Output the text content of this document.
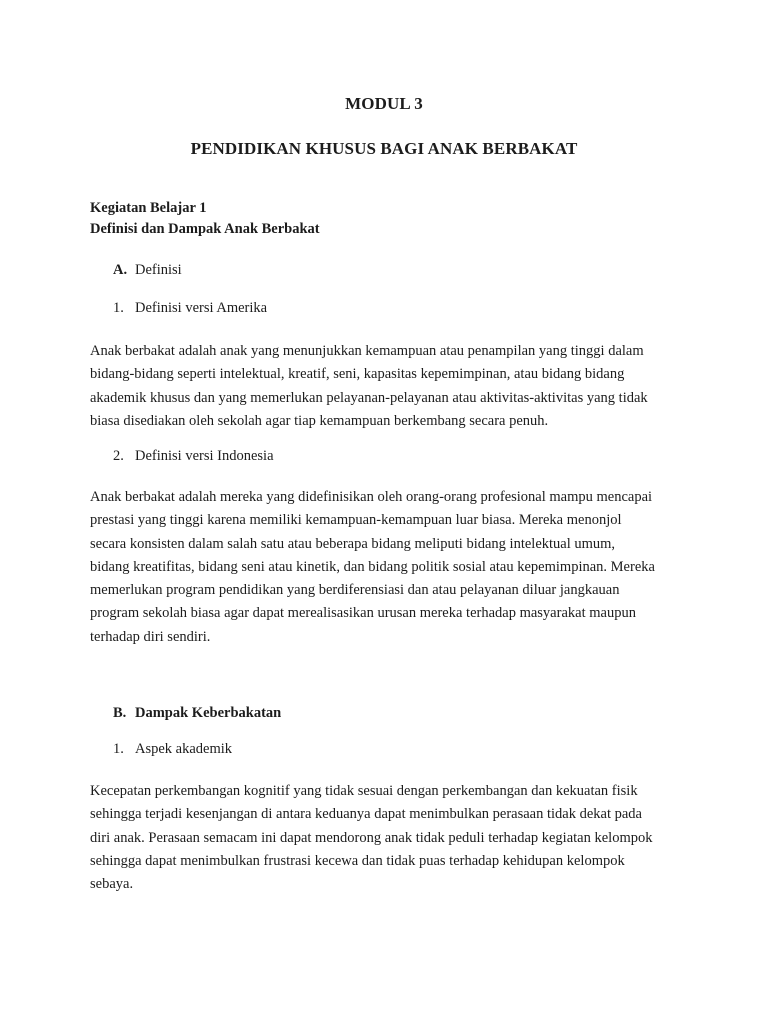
MODUL 3
PENDIDIKAN KHUSUS BAGI ANAK BERBAKAT
Kegiatan Belajar 1
Definisi dan Dampak Anak Berbakat
A. Definisi
1. Definisi versi Amerika
Anak berbakat adalah anak yang menunjukkan kemampuan atau penampilan yang tinggi dalam
bidang-bidang seperti intelektual, kreatif, seni, kapasitas kepemimpinan, atau bidang bidang
akademik khusus dan yang memerlukan pelayanan-pelayanan atau aktivitas-aktivitas yang tidak
biasa disediakan oleh sekolah agar tiap kemampuan berkembang secara penuh.
2. Definisi versi Indonesia
Anak berbakat adalah mereka yang didefinisikan oleh orang-orang profesional mampu mencapai
prestasi yang tinggi karena memiliki kemampuan-kemampuan luar biasa. Mereka menonjol
secara konsisten dalam salah satu atau beberapa bidang meliputi bidang intelektual umum,
bidang kreatifitas, bidang seni atau kinetik, dan bidang politik sosial atau kepemimpinan. Mereka
memerlukan program pendidikan yang berdiferensiasi dan atau pelayanan diluar jangkauan
program sekolah biasa agar dapat merealisasikan urusan mereka terhadap masyarakat maupun
terhadap diri sendiri.
B. Dampak Keberbakatan
1. Aspek akademik
Kecepatan perkembangan kognitif yang tidak sesuai dengan perkembangan dan kekuatan fisik
sehingga terjadi kesenjangan di antara keduanya dapat menimbulkan perasaan tidak dekat pada
diri anak. Perasaan semacam ini dapat mendorong anak tidak peduli terhadap kegiatan kelompok
sehingga dapat menimbulkan frustrasi kecewa dan tidak puas terhadap kehidupan kelompok
sebaya.
